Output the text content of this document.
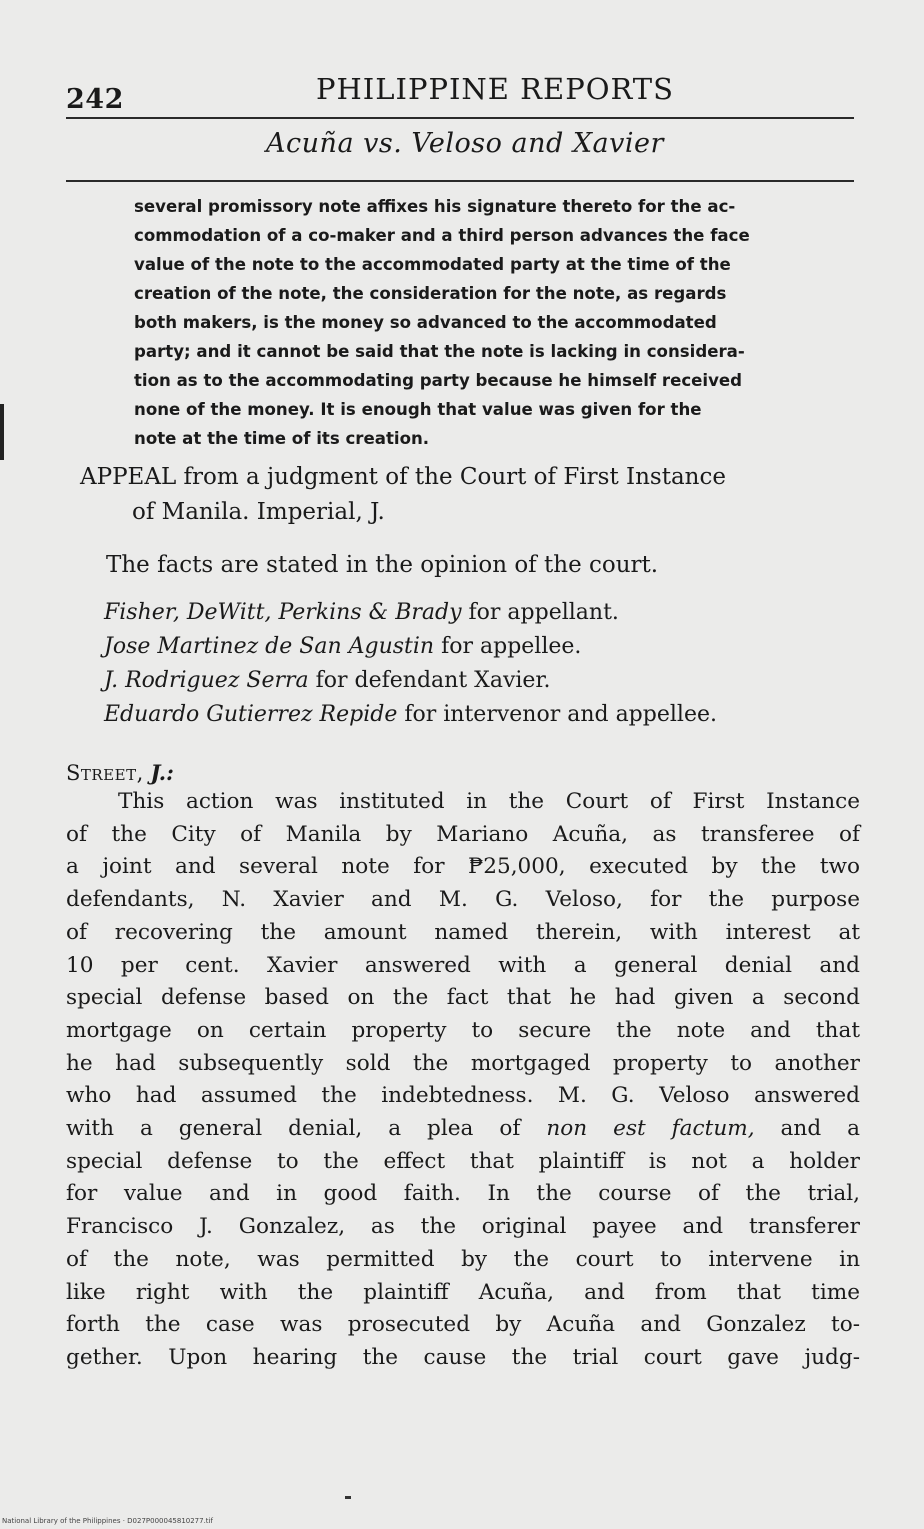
242	PHILIPPINE REPORTS
Acuña vs. Veloso and Xavier
several promissory note affixes his signature thereto for the ac-
commodation of a co-maker and a third person advances the face
value of the note to the accommodated party at the time of the
creation of the note, the consideration for the note, as regards
both makers, is the money so advanced to the accommodated
party; and it cannot be said that the note is lacking in considera-
tion as to the accommodating party because he himself received
none of the money. It is enough that value was given for the
note at the time of its creation.
APPEAL from a judgment of the Court of First Instance
of Manila. Imperial, J.
The facts are stated in the opinion of the court.
Fisher, DeWitt, Perkins & Brady for appellant.
Jose Martinez de San Agustin for appellee.
J. Rodriguez Serra for defendant Xavier.
Eduardo Gutierrez Repide for intervenor and appellee.
Street, J.:
This action was instituted in the Court of First Instance
of the City of Manila by Mariano Acuña, as transferee of
a joint and several note for ₱25,000, executed by the two
defendants, N. Xavier and M. G. Veloso, for the purpose
of recovering the amount named therein, with interest at
10 per cent. Xavier answered with a general denial and
special defense based on the fact that he had given a second
mortgage on certain property to secure the note and that
he had subsequently sold the mortgaged property to another
who had assumed the indebtedness. M. G. Veloso answered
with a general denial, a plea of non est factum, and a
special defense to the effect that plaintiff is not a holder
for value and in good faith. In the course of the trial,
Francisco J. Gonzalez, as the original payee and transferer
of the note, was permitted by the court to intervene in
like right with the plaintiff Acuña, and from that time
forth the case was prosecuted by Acuña and Gonzalez to-
gether. Upon hearing the cause the trial court gave judg-
National Library of the Philippines · D027P000045810277.tif
